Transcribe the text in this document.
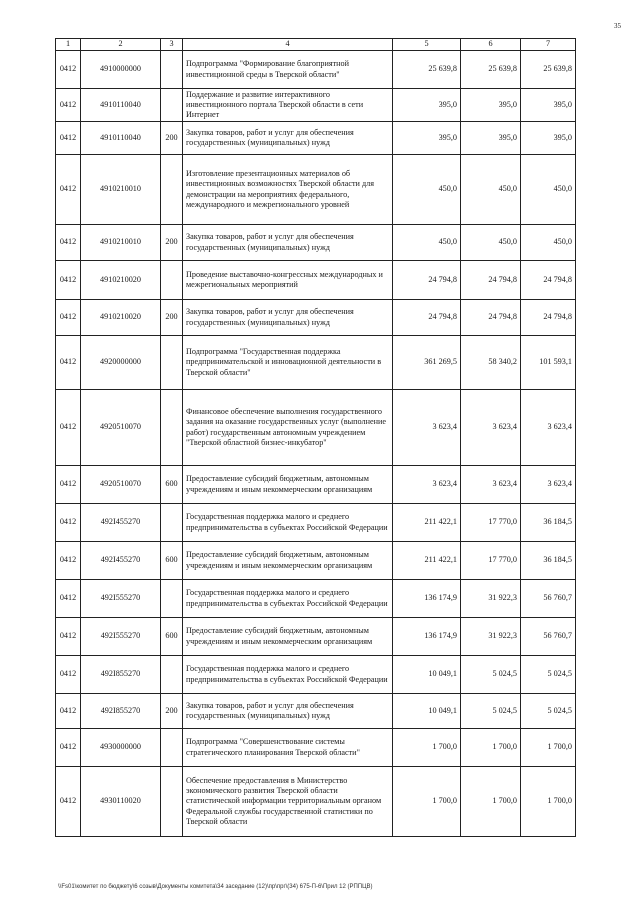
35
1	2	3	4	5	6	7
0412	4910000000		Подпрограмма "Формирование благоприятной инвестиционной среды в Тверской области"	25 639,8	25 639,8	25 639,8
0412	4910110040		Поддержание и развитие интерактивного инвестиционного портала Тверской области в сети Интернет	395,0	395,0	395,0
0412	4910110040	200	Закупка товаров, работ и услуг для обеспечения государственных (муниципальных) нужд	395,0	395,0	395,0
0412	4910210010		Изготовление презентационных материалов об инвестиционных возможностях Тверской области для демонстрации на мероприятиях федерального, международного и межрегионального уровней	450,0	450,0	450,0
0412	4910210010	200	Закупка товаров, работ и услуг для обеспечения государственных (муниципальных) нужд	450,0	450,0	450,0
0412	4910210020		Проведение выставочно-конгрессных международных и межрегиональных мероприятий	24 794,8	24 794,8	24 794,8
0412	4910210020	200	Закупка товаров, работ и услуг для обеспечения государственных (муниципальных) нужд	24 794,8	24 794,8	24 794,8
0412	4920000000		Подпрограмма "Государственная поддержка предпринимательской и инновационной деятельности в Тверской области"	361 269,5	58 340,2	101 593,1
0412	4920510070		Финансовое обеспечение выполнения государственного задания на оказание государственных услуг (выполнение работ) государственным автономным учреждением "Тверской областной бизнес-инкубатор"	3 623,4	3 623,4	3 623,4
0412	4920510070	600	Предоставление субсидий бюджетным, автономным учреждениям и иным некоммерческим организациям	3 623,4	3 623,4	3 623,4
0412	492I455270		Государственная поддержка малого и среднего предпринимательства в субъектах Российской Федерации	211 422,1	17 770,0	36 184,5
0412	492I455270	600	Предоставление субсидий бюджетным, автономным учреждениям и иным некоммерческим организациям	211 422,1	17 770,0	36 184,5
0412	492I555270		Государственная поддержка малого и среднего предпринимательства в субъектах Российской Федерации	136 174,9	31 922,3	56 760,7
0412	492I555270	600	Предоставление субсидий бюджетным, автономным учреждениям и иным некоммерческим организациям	136 174,9	31 922,3	56 760,7
0412	492I855270		Государственная поддержка малого и среднего предпринимательства в субъектах Российской Федерации	10 049,1	5 024,5	5 024,5
0412	492I855270	200	Закупка товаров, работ и услуг для обеспечения государственных (муниципальных) нужд	10 049,1	5 024,5	5 024,5
0412	4930000000		Подпрограмма "Совершенствование системы стратегического планирования Тверской области"	1 700,0	1 700,0	1 700,0
0412	4930110020		Обеспечение предоставления в Министерство экономического развития Тверской области статистической информации территориальным органом Федеральной службы государственной статистики по Тверской области	1 700,0	1 700,0	1 700,0
\\Fs01\комитет по бюджету\6 созыв\Документы комитета\34 заседание (12)\пр\прг\(34) 675-П-6\Прил 12 (РППЦВ)
